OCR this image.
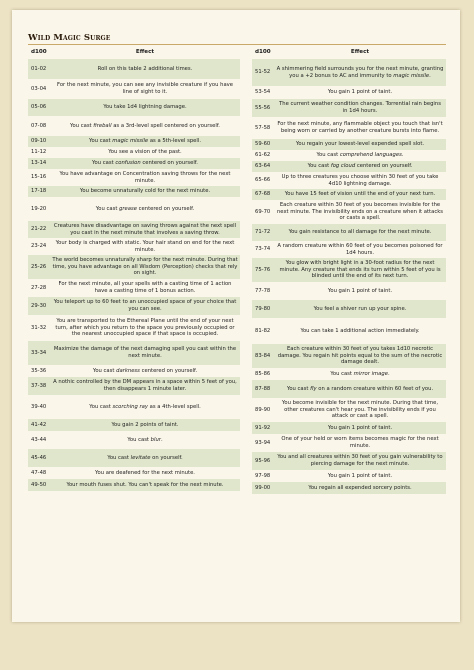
Wild Magic Surge
d100	Effect
01-02	Roll on this table 2 additional times.
03-04
For the next minute, you can see any invisible creature if you have line of sight to it.
05-06	You take 1d4 lightning damage.
07-08	You cast fireball as a 3rd-level spell centered on yourself.
09-10	You cast magic missile as a 5th-level spell.
11-12	You see a vision of the past.
13-14	You cast confusion centered on yourself.
15-16
You have advantage on Concentration saving throws for the next minute.
17-18	You become unnaturally cold for the next minute.
19-20	You cast grease centered on yourself.
21-22
Creatures have disadvantage on saving throws against the next spell you cast in the next minute that involves a saving throw.
23-24
Your body is charged with static. Your hair stand on end for the next minute.
25-26
The world becomes unnaturally sharp for the next minute. During that time, you have advantage on all Wisdom (Perception) checks that rely on sight.
27-28
For the next minute, all your spells with a casting time of 1 action have a casting time of 1 bonus action.
29-30
You teleport up to 60 feet to an unoccupied space of your choice that you can see.
31-32
You are transported to the Ethereal Plane until the end of your next turn, after which you return to the space you previously occupied or the nearest unoccupied space if that space is occupied.
33-34
Maximize the damage of the next damaging spell you cast within the next minute.
35-36	You cast darkness centered on yourself.
37-38
A nothic controlled by the DM appears in a space within 5 feet of you, then disappears 1 minute later.
39-40	You cast scorching ray as a 4th-level spell.
41-42	You gain 2 points of taint.
43-44	You cast blur.
45-46	You cast levitate on yourself.
47-48	You are deafened for the next minute.
49-50	Your mouth fuses shut. You can't speak for the next minute.
d100	Effect
51-52
A shimmering field surrounds you for the next minute, granting you a +2 bonus to AC and immunity to magic missile.
53-54	You gain 1 point of taint.
55-56
The current weather condition changes. Torrential rain begins in 1d4 hours.
57-58
For the next minute, any flammable object you touch that isn't being worn or carried by another creature bursts into flame.
59-60	You regain your lowest-level expended spell slot.
61-62	You cast comprehend languages.
63-64	You cast fog cloud centered on yourself.
65-66
Up to three creatures you choose within 30 feet of you take 4d10 lightning damage.
67-68	You have 15 feet of vision until the end of your next turn.
69-70
Each creature within 30 feet of you becomes invisible for the next minute. The invisibility ends on a creature when it attacks or casts a spell.
71-72	You gain resistance to all damage for the next minute.
73-74
A random creature within 60 feet of you becomes poisoned for 1d4 hours.
75-76
You glow with bright light in a 30-foot radius for the next minute. Any creature that ends its turn within 5 feet of you is blinded until the end of its next turn.
77-78	You gain 1 point of taint.
79-80	You feel a shiver run up your spine.
81-82	You can take 1 additional action immediately.
83-84
Each creature within 30 feet of you takes 1d10 necrotic damage. You regain hit points equal to the sum of the necrotic damage dealt.
85-86	You cast mirror image.
87-88	You cast fly on a random creature within 60 feet of you.
89-90
You become invisible for the next minute. During that time, other creatures can't hear you. The invisibility ends if you attack or cast a spell.
91-92	You gain 1 point of taint.
93-94
One of your held or worn items becomes magic for the next minute.
95-96
You and all creatures within 30 feet of you gain vulnerability to piercing damage for the next minute.
97-98	You gain 1 point of taint.
99-00	You regain all expended sorcery points.
